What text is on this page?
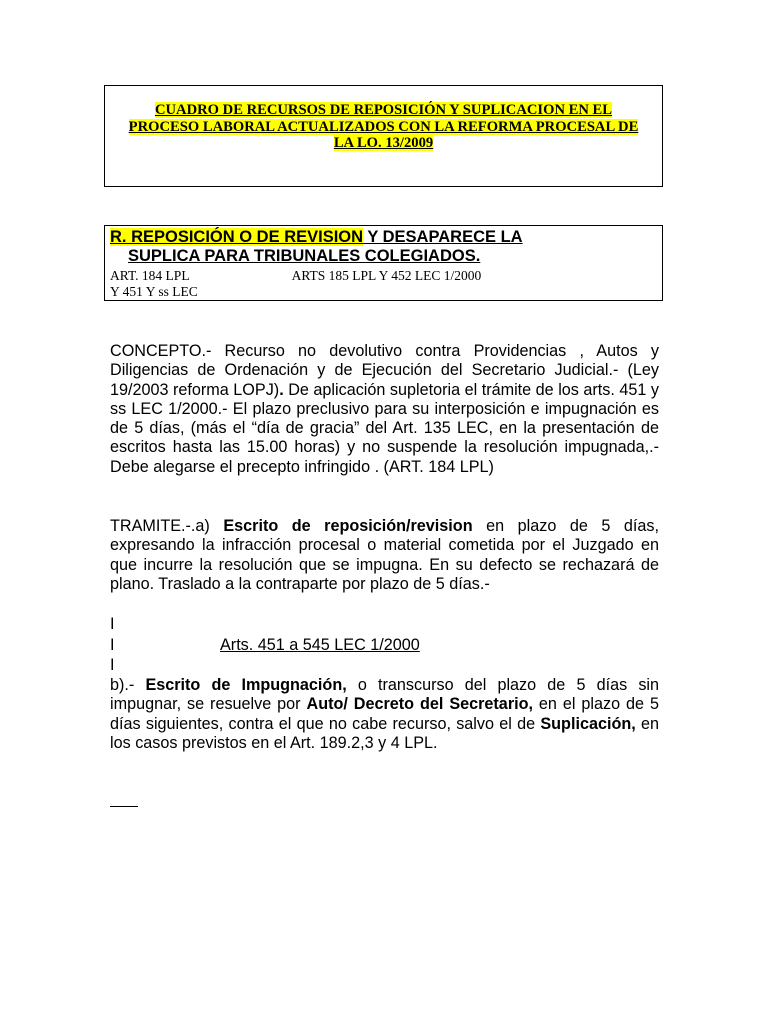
CUADRO DE RECURSOS DE REPOSICIÓN Y SUPLICACION EN EL
PROCESO LABORAL ACTUALIZADOS CON LA REFORMA PROCESAL DE
LA LO. 13/2009
R. REPOSICIÓN O DE REVISION Y DESAPARECE LA
SUPLICA PARA TRIBUNALES COLEGIADOS.
ART. 184 LPL	ARTS 185 LPL Y 452 LEC 1/2000
Y 451 Y ss LEC
CONCEPTO.- Recurso no devolutivo contra Providencias , Autos y Diligencias de Ordenación y de Ejecución del Secretario Judicial.- (Ley 19/2003 reforma LOPJ). De aplicación supletoria el trámite de los arts. 451 y ss LEC 1/2000.- El plazo preclusivo para su interposición e impugnación es de 5 días, (más el “día de gracia” del Art. 135 LEC, en la presentación de escritos hasta las 15.00 horas) y no suspende la resolución impugnada,.- Debe alegarse el precepto infringido . (ART. 184 LPL)
TRAMITE.-.a) Escrito de reposición/revision en plazo de 5 días, expresando la infracción procesal o material cometida por el Juzgado en que incurre la resolución que se impugna. En su defecto se rechazará de plano. Traslado a la contraparte por plazo de 5 días.-
I
I	Arts. 451 a 545 LEC 1/2000
I
b).- Escrito de Impugnación, o transcurso del plazo de 5 días sin impugnar, se resuelve por Auto/ Decreto del Secretario, en el plazo de 5 días siguientes, contra el que no cabe recurso, salvo el de Suplicación, en los casos previstos en el Art. 189.2,3 y 4 LPL.
